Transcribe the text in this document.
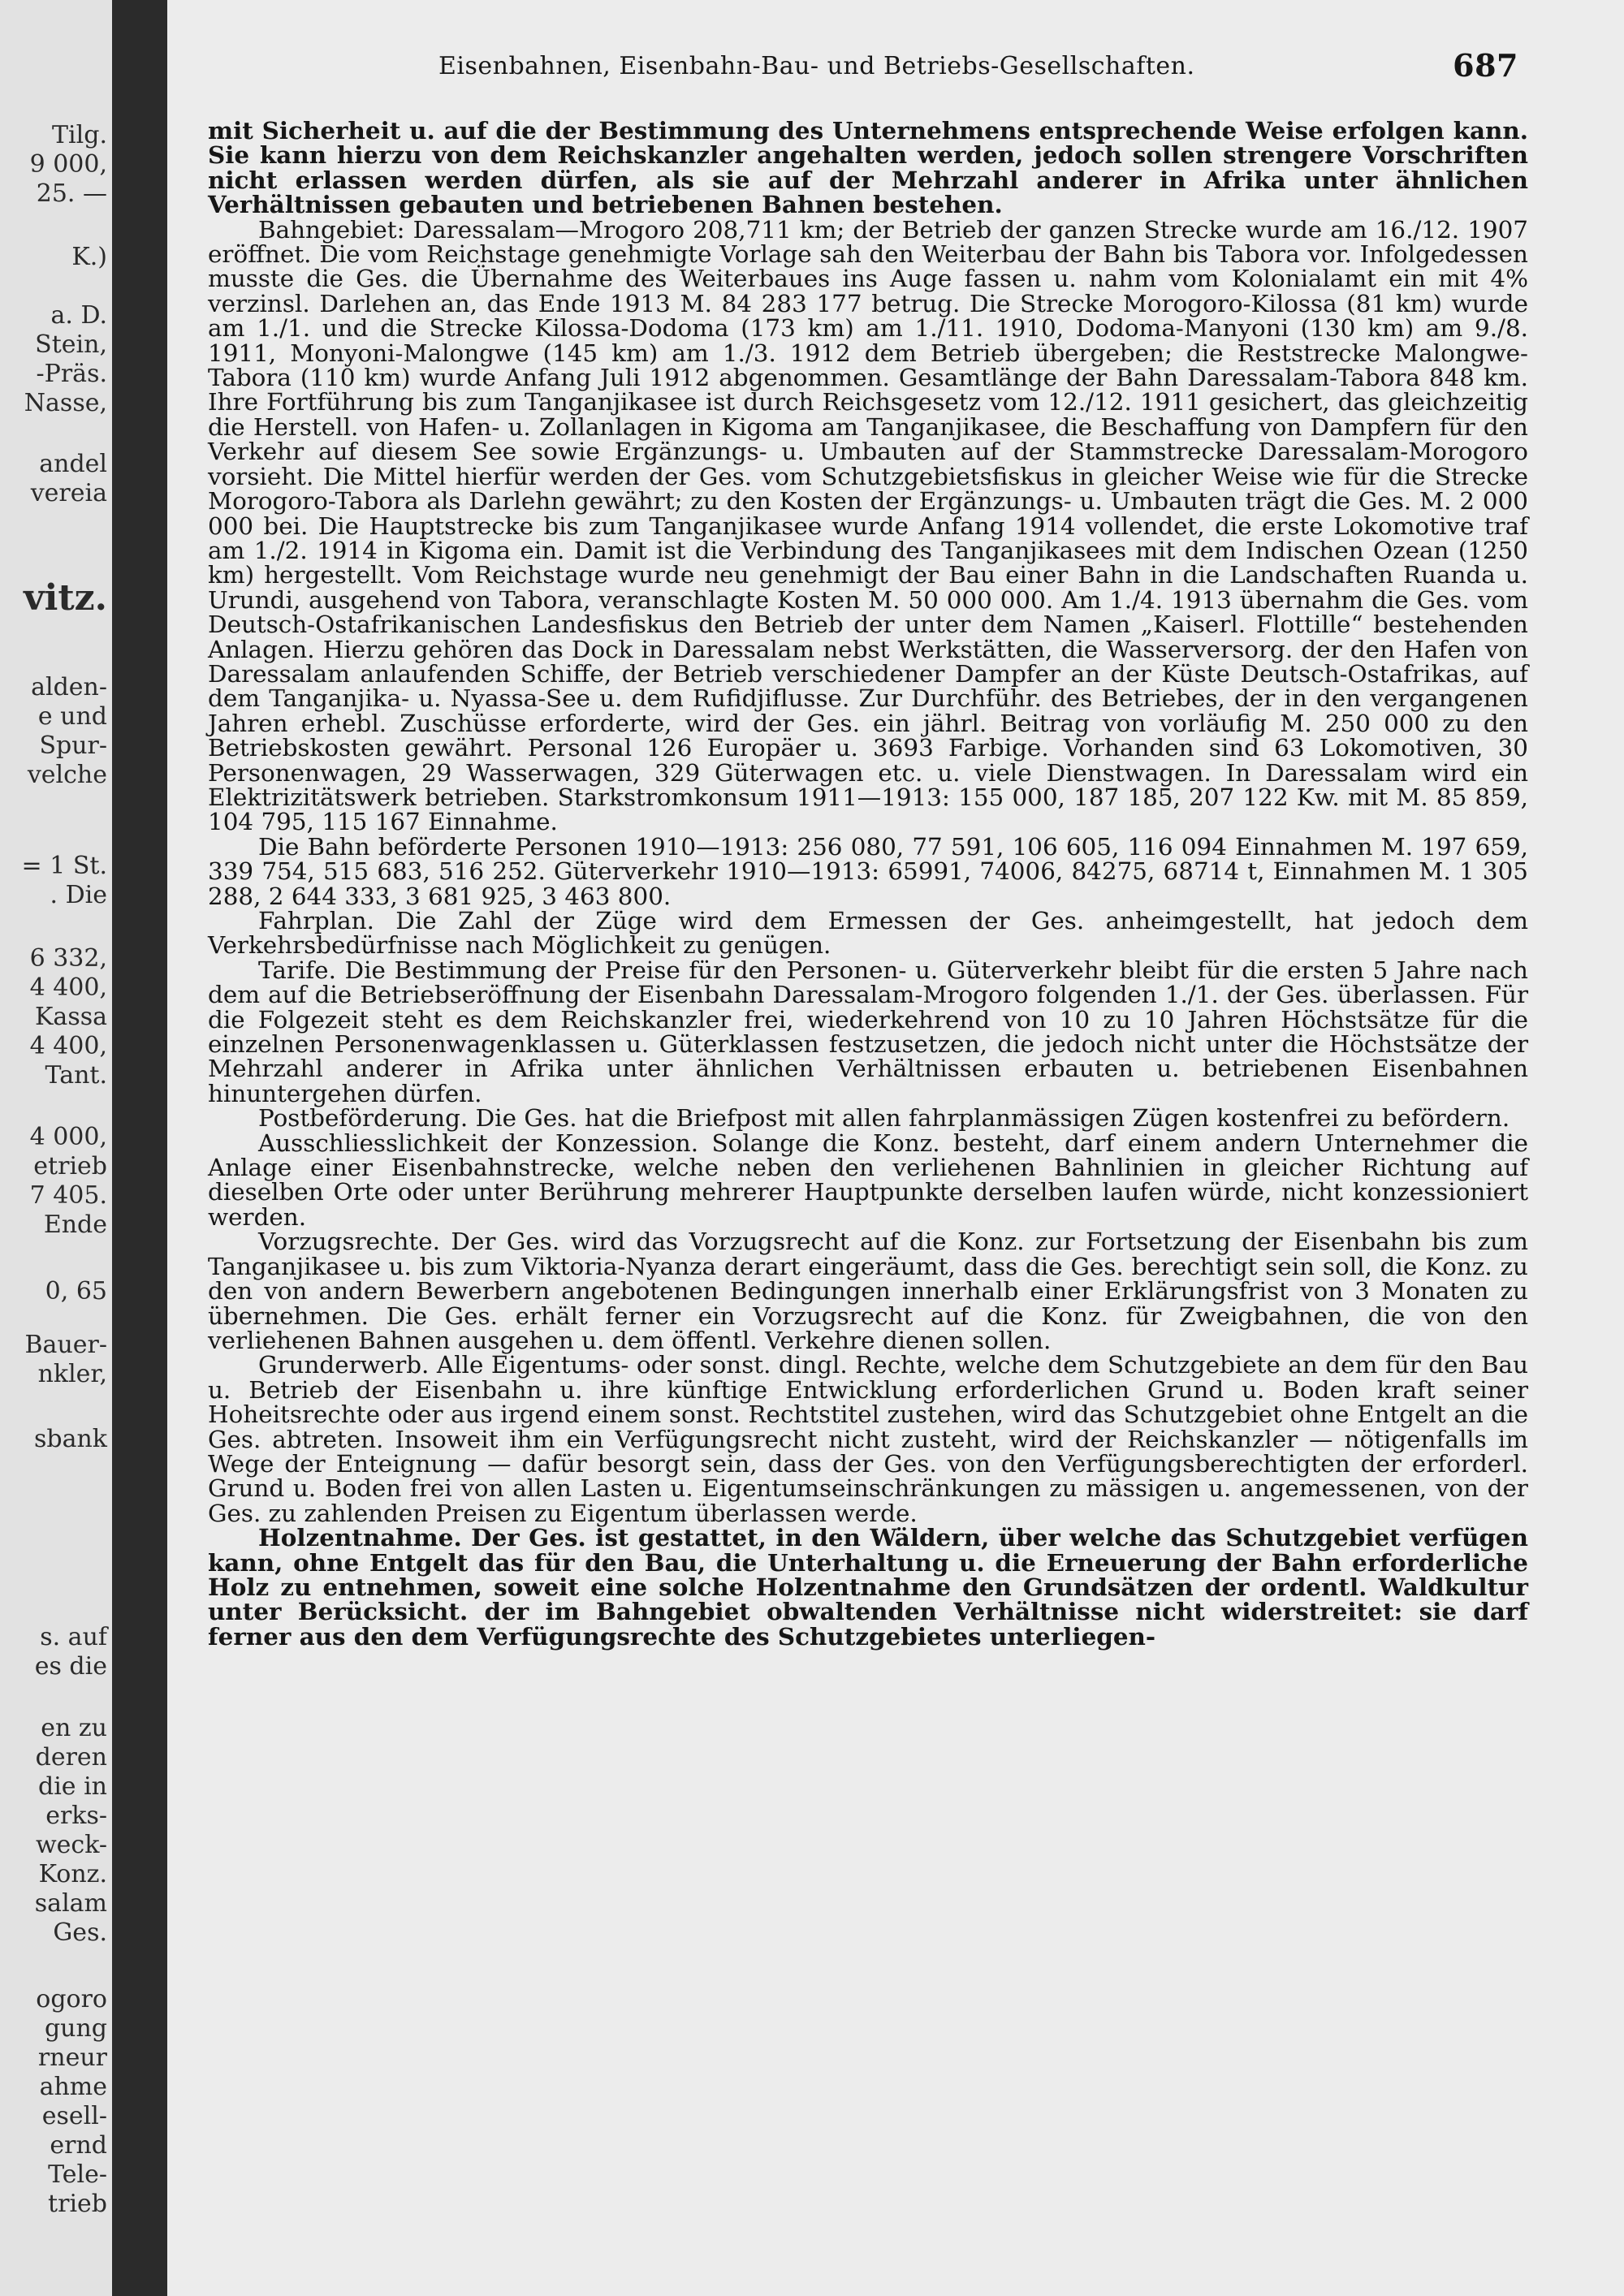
Tilg.
9 000,
25. —
K.)
a. D.
Stein,
-Präs.
Nasse,
andel
vereia
vitz.
alden-
e und
Spur-
velche
= 1 St.
. Die
6 332,
4 400,
Kassa
4 400,
Tant.
4 000,
etrieb
7 405.
Ende
0, 65
Bauer-
nkler,
sbank
s. auf
es die
en zu
deren
die in
erks-
weck-
Konz.
salam
Ges.
ogoro
gung
rneur
ahme
esell-
ernd
Tele-
trieb
Eisenbahnen, Eisenbahn-Bau- und Betriebs-Gesellschaften.	687

mit Sicherheit u. auf die der Bestimmung des Unternehmens entsprechende Weise erfolgen kann. Sie kann hierzu von dem Reichskanzler angehalten werden, jedoch sollen strengere Vorschriften nicht erlassen werden dürfen, als sie auf der Mehrzahl anderer in Afrika unter ähnlichen Verhältnissen gebauten und betriebenen Bahnen bestehen.

Bahngebiet: Daressalam—Mrogoro 208,711 km; der Betrieb der ganzen Strecke wurde am 16./12. 1907 eröffnet. Die vom Reichstage genehmigte Vorlage sah den Weiterbau der Bahn bis Tabora vor. Infolgedessen musste die Ges. die Übernahme des Weiterbaues ins Auge fassen u. nahm vom Kolonialamt ein mit 4% verzinsl. Darlehen an, das Ende 1913 M. 84 283 177 betrug. Die Strecke Morogoro-Kilossa (81 km) wurde am 1./1. und die Strecke Kilossa-Dodoma (173 km) am 1./11. 1910, Dodoma-Manyoni (130 km) am 9./8. 1911, Monyoni-Malongwe (145 km) am 1./3. 1912 dem Betrieb übergeben; die Reststrecke Malongwe-Tabora (110 km) wurde Anfang Juli 1912 abgenommen. Gesamtlänge der Bahn Daressalam-Tabora 848 km. Ihre Fortführung bis zum Tanganjikasee ist durch Reichsgesetz vom 12./12. 1911 gesichert, das gleichzeitig die Herstell. von Hafen- u. Zollanlagen in Kigoma am Tanganjikasee, die Beschaffung von Dampfern für den Verkehr auf diesem See sowie Ergänzungs- u. Umbauten auf der Stammstrecke Daressalam-Morogoro vorsieht. Die Mittel hierfür werden der Ges. vom Schutzgebietsfiskus in gleicher Weise wie für die Strecke Morogoro-Tabora als Darlehn gewährt; zu den Kosten der Ergänzungs- u. Umbauten trägt die Ges. M. 2 000 000 bei. Die Hauptstrecke bis zum Tanganjikasee wurde Anfang 1914 vollendet, die erste Lokomotive traf am 1./2. 1914 in Kigoma ein. Damit ist die Verbindung des Tanganjikasees mit dem Indischen Ozean (1250 km) hergestellt. Vom Reichstage wurde neu genehmigt der Bau einer Bahn in die Landschaften Ruanda u. Urundi, ausgehend von Tabora, veranschlagte Kosten M. 50 000 000. Am 1./4. 1913 übernahm die Ges. vom Deutsch-Ostafrikanischen Landesfiskus den Betrieb der unter dem Namen „Kaiserl. Flottille“ bestehenden Anlagen. Hierzu gehören das Dock in Daressalam nebst Werkstätten, die Wasserversorg. der den Hafen von Daressalam anlaufenden Schiffe, der Betrieb verschiedener Dampfer an der Küste Deutsch-Ostafrikas, auf dem Tanganjika- u. Nyassa-See u. dem Rufidjiflusse. Zur Durchführ. des Betriebes, der in den vergangenen Jahren erhebl. Zuschüsse erforderte, wird der Ges. ein jährl. Beitrag von vorläufig M. 250 000 zu den Betriebskosten gewährt. Personal 126 Europäer u. 3693 Farbige. Vorhanden sind 63 Lokomotiven, 30 Personenwagen, 29 Wasserwagen, 329 Güterwagen etc. u. viele Dienstwagen. In Daressalam wird ein Elektrizitätswerk betrieben. Starkstromkonsum 1911—1913: 155 000, 187 185, 207 122 Kw. mit M. 85 859, 104 795, 115 167 Einnahme.

Die Bahn beförderte Personen 1910—1913: 256 080, 77 591, 106 605, 116 094 Einnahmen M. 197 659, 339 754, 515 683, 516 252. Güterverkehr 1910—1913: 65991, 74006, 84275, 68714 t, Einnahmen M. 1 305 288, 2 644 333, 3 681 925, 3 463 800.

Fahrplan. Die Zahl der Züge wird dem Ermessen der Ges. anheimgestellt, hat jedoch dem Verkehrsbedürfnisse nach Möglichkeit zu genügen.

Tarife. Die Bestimmung der Preise für den Personen- u. Güterverkehr bleibt für die ersten 5 Jahre nach dem auf die Betriebseröffnung der Eisenbahn Daressalam-Mrogoro folgenden 1./1. der Ges. überlassen. Für die Folgezeit steht es dem Reichskanzler frei, wiederkehrend von 10 zu 10 Jahren Höchstsätze für die einzelnen Personenwagenklassen u. Güterklassen festzusetzen, die jedoch nicht unter die Höchstsätze der Mehrzahl anderer in Afrika unter ähnlichen Verhältnissen erbauten u. betriebenen Eisenbahnen hinuntergehen dürfen.

Postbeförderung. Die Ges. hat die Briefpost mit allen fahrplanmässigen Zügen kostenfrei zu befördern.

Ausschliesslichkeit der Konzession. Solange die Konz. besteht, darf einem andern Unternehmer die Anlage einer Eisenbahnstrecke, welche neben den verliehenen Bahnlinien in gleicher Richtung auf dieselben Orte oder unter Berührung mehrerer Hauptpunkte derselben laufen würde, nicht konzessioniert werden.

Vorzugsrechte. Der Ges. wird das Vorzugsrecht auf die Konz. zur Fortsetzung der Eisenbahn bis zum Tanganjikasee u. bis zum Viktoria-Nyanza derart eingeräumt, dass die Ges. berechtigt sein soll, die Konz. zu den von andern Bewerbern angebotenen Bedingungen innerhalb einer Erklärungsfrist von 3 Monaten zu übernehmen. Die Ges. erhält ferner ein Vorzugsrecht auf die Konz. für Zweigbahnen, die von den verliehenen Bahnen ausgehen u. dem öffentl. Verkehre dienen sollen.

Grunderwerb. Alle Eigentums- oder sonst. dingl. Rechte, welche dem Schutzgebiete an dem für den Bau u. Betrieb der Eisenbahn u. ihre künftige Entwicklung erforderlichen Grund u. Boden kraft seiner Hoheitsrechte oder aus irgend einem sonst. Rechtstitel zustehen, wird das Schutzgebiet ohne Entgelt an die Ges. abtreten. Insoweit ihm ein Verfügungsrecht nicht zusteht, wird der Reichskanzler — nötigenfalls im Wege der Enteignung — dafür besorgt sein, dass der Ges. von den Verfügungsberechtigten der erforderl. Grund u. Boden frei von allen Lasten u. Eigentumseinschränkungen zu mässigen u. angemessenen, von der Ges. zu zahlenden Preisen zu Eigentum überlassen werde.

Holzentnahme. Der Ges. ist gestattet, in den Wäldern, über welche das Schutzgebiet verfügen kann, ohne Entgelt das für den Bau, die Unterhaltung u. die Erneuerung der Bahn erforderliche Holz zu entnehmen, soweit eine solche Holzentnahme den Grundsätzen der ordentl. Waldkultur unter Berücksicht. der im Bahngebiet obwaltenden Verhältnisse nicht widerstreitet: sie darf ferner aus den dem Verfügungsrechte des Schutzgebietes unterliegen-
